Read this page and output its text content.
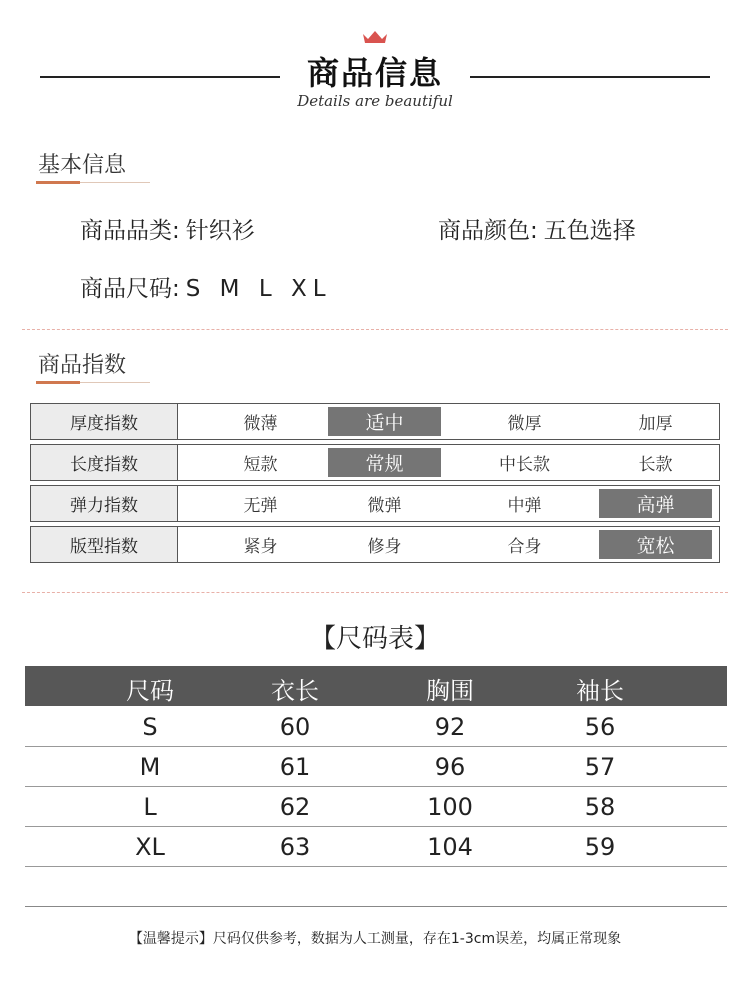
商品信息
Details are beautiful
基本信息
商品品类: 针织衫	商品颜色: 五色选择
商品尺码: S M L XL
商品指数
厚度指数	微薄	适中	微厚	加厚
长度指数	短款	常规	中长款	长款
弹力指数	无弹	微弹	中弹	高弹
版型指数	紧身	修身	合身	宽松
【尺码表】
尺码	衣长	胸围	袖长
S	60	92	56
M	61	96	57
L	62	100	58
XL	63	104	59
【温馨提示】尺码仅供参考，数据为人工测量，存在1-3cm误差，均属正常现象
